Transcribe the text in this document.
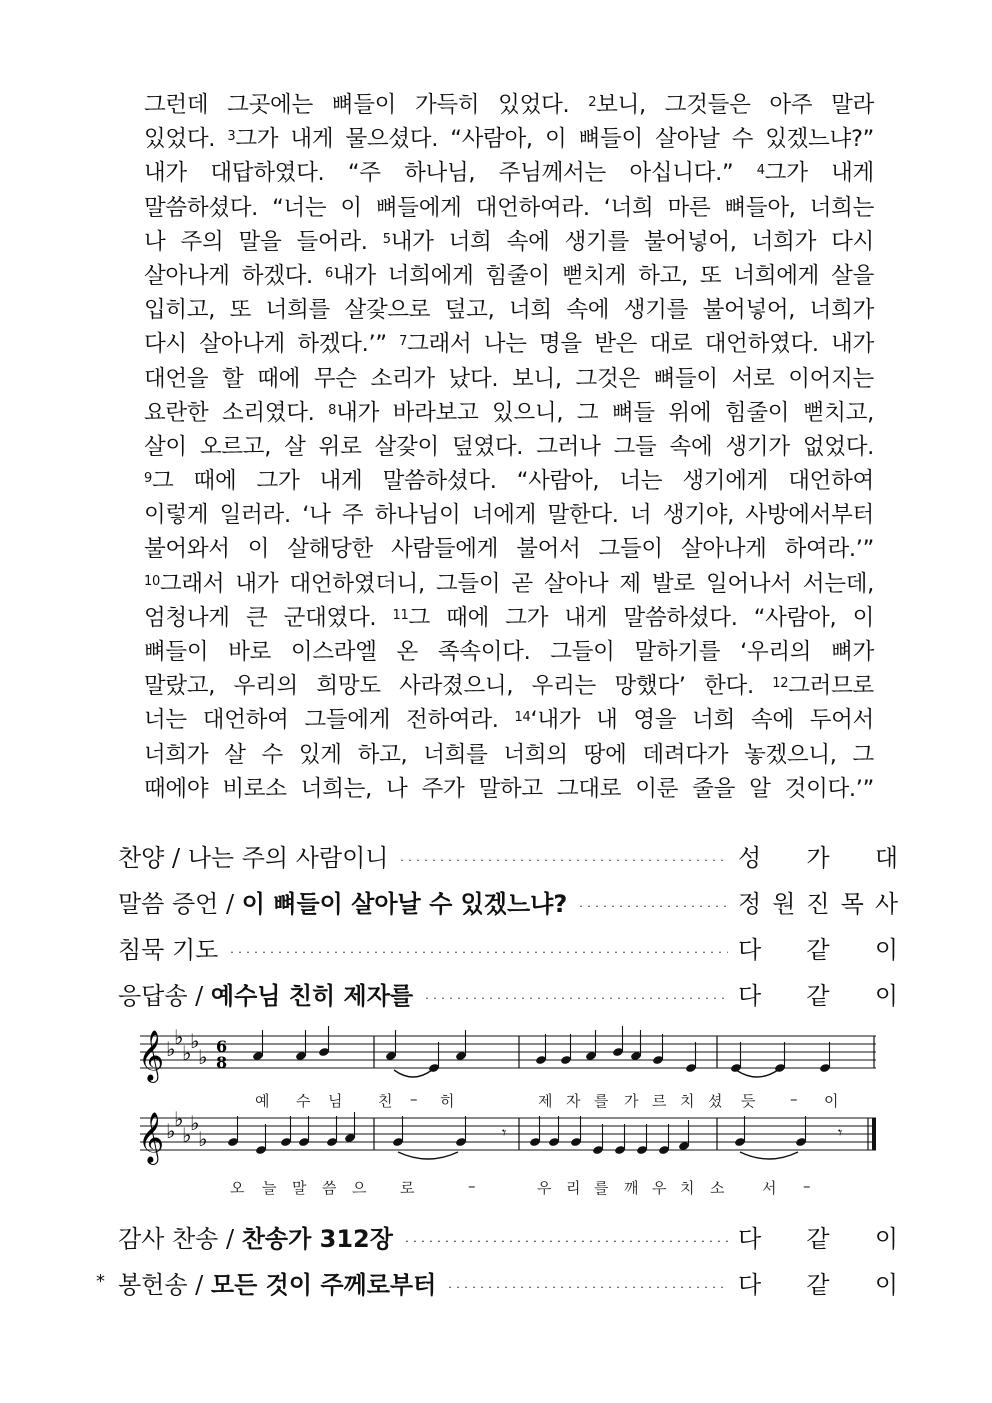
그런데 그곳에는 뼈들이 가득히 있었다. $^2$보니, 그것들은 아주 말라
있었다. $^3$그가 내게 물으셨다. “사람아, 이 뼈들이 살아날 수 있겠느냐?”
내가 대답하였다. “주 하나님, 주님께서는 아십니다.” $^4$그가 내게
말씀하셨다. “너는 이 뼈들에게 대언하여라. ‘너희 마른 뼈들아, 너희는
나 주의 말을 들어라. $^5$내가 너희 속에 생기를 불어넣어, 너희가 다시
살아나게 하겠다. $^6$내가 너희에게 힘줄이 뻗치게 하고, 또 너희에게 살을
입히고, 또 너희를 살갗으로 덮고, 너희 속에 생기를 불어넣어, 너희가
다시 살아나게 하겠다.’” $^7$그래서 나는 명을 받은 대로 대언하였다. 내가
대언을 할 때에 무슨 소리가 났다. 보니, 그것은 뼈들이 서로 이어지는
요란한 소리였다. $^8$내가 바라보고 있으니, 그 뼈들 위에 힘줄이 뻗치고,
살이 오르고, 살 위로 살갗이 덮였다. 그러나 그들 속에 생기가 없었다.
$^9$그 때에 그가 내게 말씀하셨다. “사람아, 너는 생기에게 대언하여
이렇게 일러라. ‘나 주 하나님이 너에게 말한다. 너 생기야, 사방에서부터
불어와서 이 살해당한 사람들에게 불어서 그들이 살아나게 하여라.’”
$^{10}$그래서 내가 대언하였더니, 그들이 곧 살아나 제 발로 일어나서 서는데,
엄청나게 큰 군대였다. $^{11}$그 때에 그가 내게 말씀하셨다. “사람아, 이
뼈들이 바로 이스라엘 온 족속이다. 그들이 말하기를 ‘우리의 뼈가
말랐고, 우리의 희망도 사라졌으니, 우리는 망했다’ 한다. $^{12}$그러므로
너는 대언하여 그들에게 전하여라. $^{14}$‘내가 내 영을 너희 속에 두어서
너희가 살 수 있게 하고, 너희를 너희의 땅에 데려다가 놓겠으니, 그
때에야 비로소 너희는, 나 주가 말하고 그대로 이룬 줄을 알 것이다.’”
찬양 / 나는 주의 사람이니	성 가 대
말씀 증언 / 이 뼈들이 살아날 수 있겠느냐?	정 원 진 목 사
침묵 기도	다 같 이
응답송 / 예수님 친히 제자를	다 같 이
감사 찬송 / 찬송가 312장	다 같 이
봉헌송 / 모든 것이 주께로부터	다 같 이
𝄞 ♭
♭
♭
♭
♭
𝄞 ♭
♭
♭
♭
♭
6
8
𝄾	𝄾
예 수 님 친 – 히	제 자 를 가 르 치 셨 듯 – 이
오 늘 말 씀 으 로	–	우 리 를 깨 우 치 소	서 –
*
